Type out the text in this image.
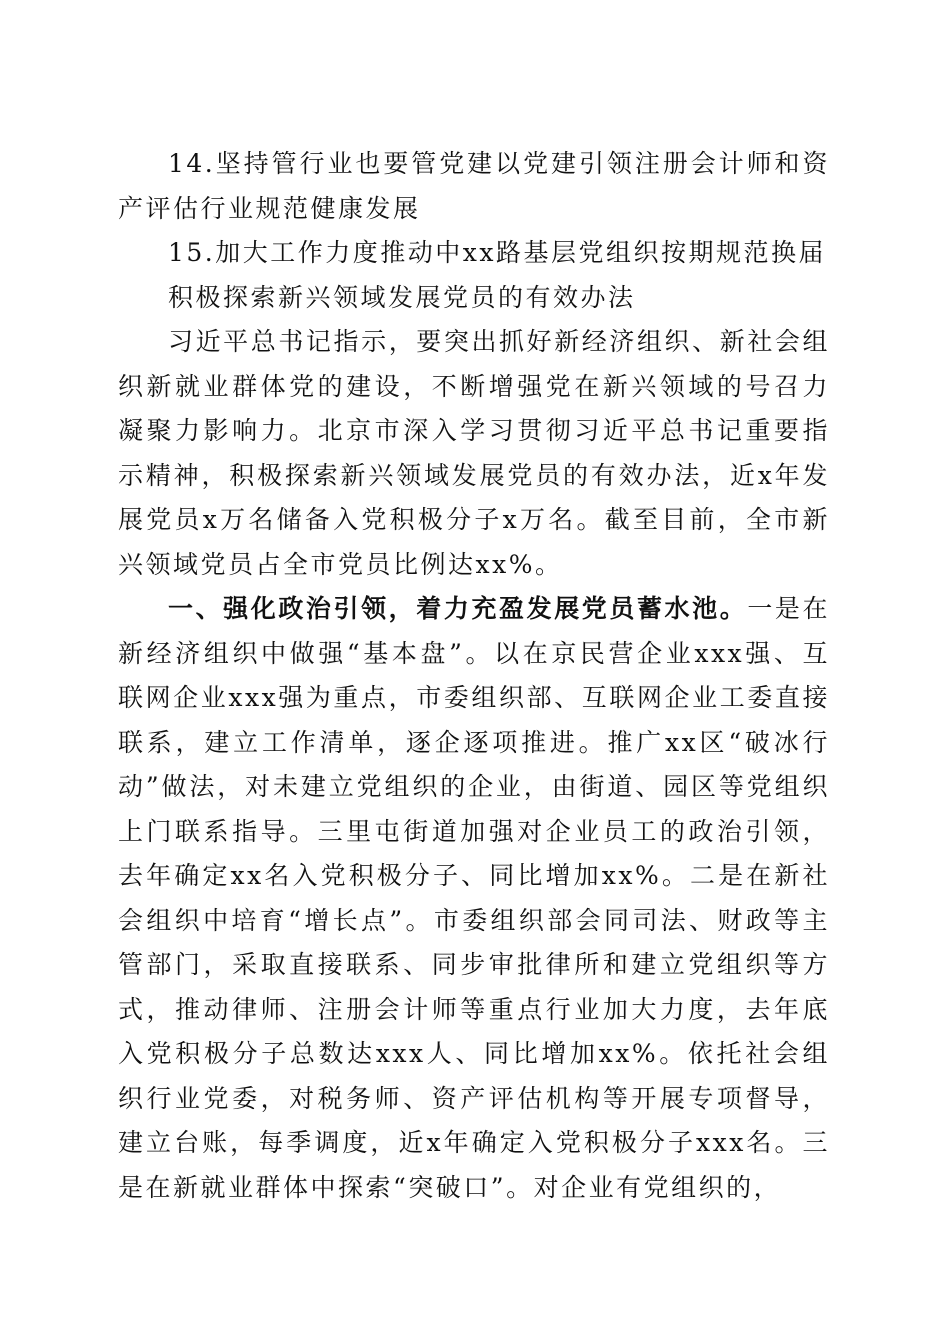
14.坚持管行业也要管党建以党建引领注册会计师和资产评估行业规范健康发展

15.加大工作力度推动中xx路基层党组织按期规范换届

积极探索新兴领域发展党员的有效办法

习近平总书记指示，要突出抓好新经济组织、新社会组织新就业群体党的建设，不断增强党在新兴领域的号召力凝聚力影响力。北京市深入学习贯彻习近平总书记重要指示精神，积极探索新兴领域发展党员的有效办法，近x年发展党员x万名储备入党积极分子x万名。截至目前，全市新兴领域党员占全市党员比例达xx%。

一、强化政治引领，着力充盈发展党员蓄水池。一是在新经济组织中做强“基本盘”。以在京民营企业xxx强、互联网企业xxx强为重点，市委组织部、互联网企业工委直接联系，建立工作清单，逐企逐项推进。推广xx区“破冰行动”做法，对未建立党组织的企业，由街道、园区等党组织上门联系指导。三里屯街道加强对企业员工的政治引领，去年确定xx名入党积极分子、同比增加xx%。二是在新社会组织中培育“增长点”。市委组织部会同司法、财政等主管部门，采取直接联系、同步审批律所和建立党组织等方式，推动律师、注册会计师等重点行业加大力度，去年底入党积极分子总数达xxx人、同比增加xx%。依托社会组织行业党委，对税务师、资产评估机构等开展专项督导，建立台账，每季调度，近x年确定入党积极分子xxx名。三是在新就业群体中探索“突破口”。对企业有党组织的，
